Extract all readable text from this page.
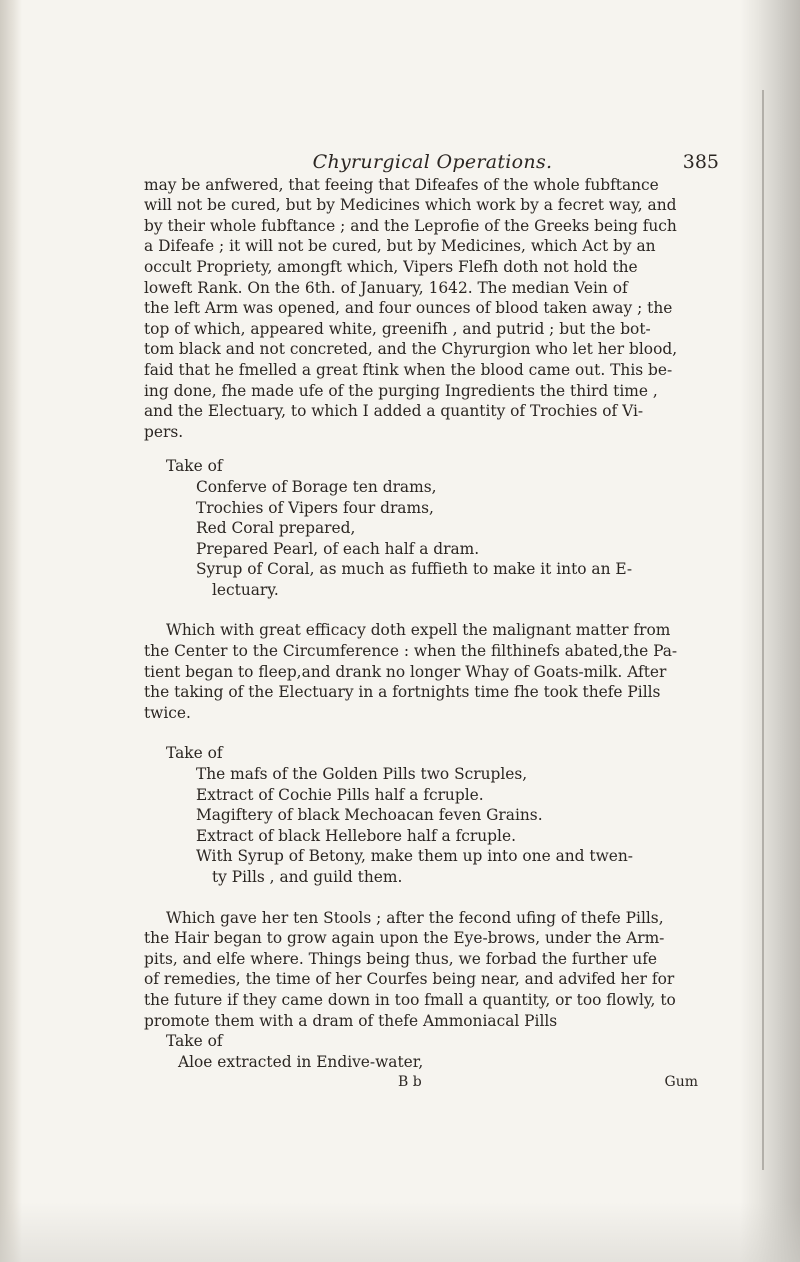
Chyrurgical Operations.	385
may be anfwered, that feeing that Difeafes of the whole fubftance
will not be cured, but by Medicines which work by a fecret way, and
by their whole fubftance ; and the Leprofie of the Greeks being fuch
a Difeafe ; it will not be cured, but by Medicines, which Act by an
occult Propriety, amongft which, Vipers Flefh doth not hold the
loweft Rank. On the 6th. of January, 1642. The median Vein of
the left Arm was opened, and four ounces of blood taken away ; the
top of which, appeared white, greenifh , and putrid ; but the bot-
tom black and not concreted, and the Chyrurgion who let her blood,
faid that he fmelled a great ftink when the blood came out. This be-
ing done, fhe made ufe of the purging Ingredients the third time ,
and the Electuary, to which I added a quantity of Trochies of Vi-
pers.
Take of
Conferve of Borage ten drams,
Trochies of Vipers four drams,
Red Coral prepared,
Prepared Pearl, of each half a dram.
Syrup of Coral, as much as fuffieth to make it into an E-
lectuary.
Which with great efficacy doth expell the malignant matter from
the Center to the Circumference : when the filthinefs abated,the Pa-
tient began to fleep,and drank no longer Whay of Goats-milk. After
the taking of the Electuary in a fortnights time fhe took thefe Pills
twice.
Take of
The mafs of the Golden Pills two Scruples,
Extract of Cochie Pills half a fcruple.
Magiftery of black Mechoacan feven Grains.
Extract of black Hellebore half a fcruple.
With Syrup of Betony, make them up into one and twen-
ty Pills , and guild them.
Which gave her ten Stools ; after the fecond ufing of thefe Pills,
the Hair began to grow again upon the Eye-brows, under the Arm-
pits, and elfe where. Things being thus, we forbad the further ufe
of remedies, the time of her Courfes being near, and advifed her for
the future if they came down in too fmall a quantity, or too flowly, to
promote them with a dram of thefe Ammoniacal Pills
Take of
Aloe extracted in Endive-water,
B b	Gum
